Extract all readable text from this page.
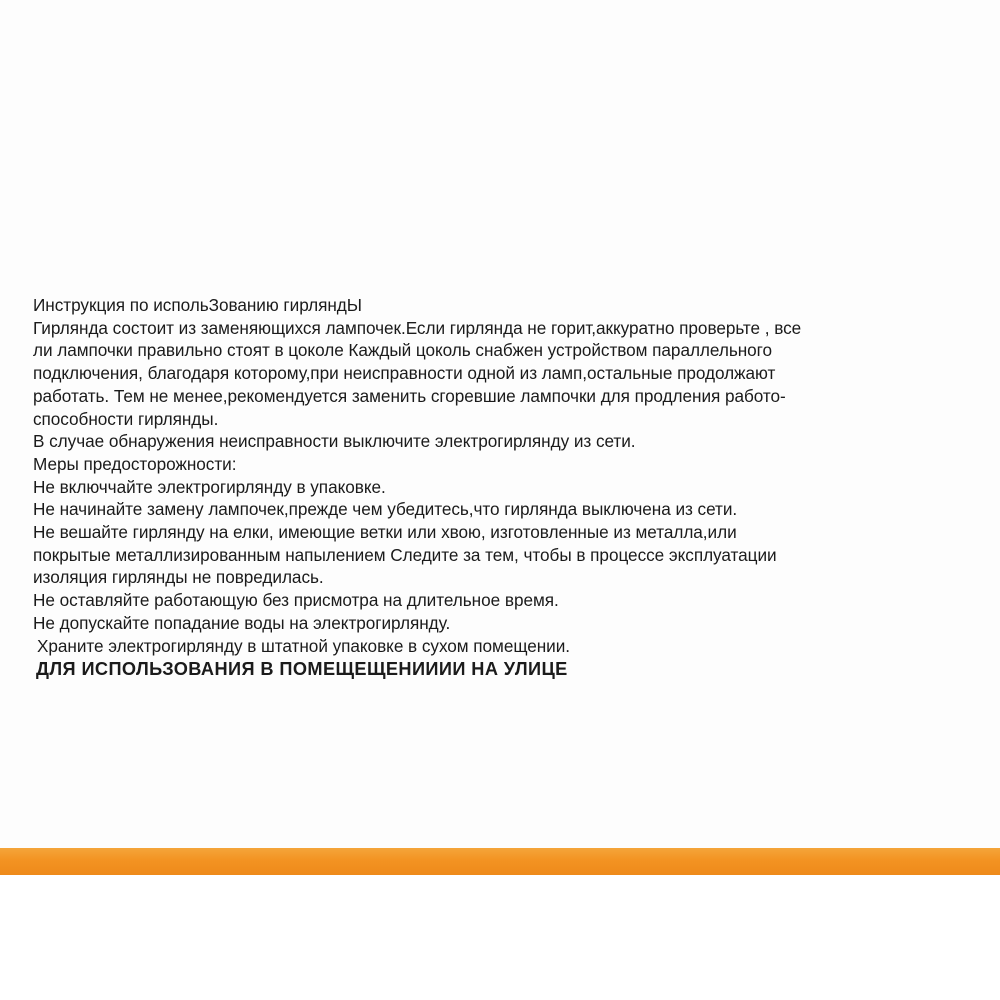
Инструкция по испольЗованию гирляндЫ
Гирлянда состоит из заменяющихся лампочек.Если гирлянда не горит,аккуратно проверьте , все
ли лампочки правильно стоят в цоколе Каждый цоколь снабжен устройством параллельного
подключения, благодаря которому,при неисправности одной из ламп,остальные продолжают
работать. Тем не менее,рекомендуется заменить сгоревшие лампочки для продления работо-
способности гирлянды.
В случае обнаружения неисправности выключите электрогирлянду из сети.
Меры предосторожности:
Не включчайте электрогирлянду в упаковке.
Не начинайте замену лампочек,прежде чем убедитесь,что гирлянда выключена из сети.
Не вешайте гирлянду на елки, имеющие ветки или хвою, изготовленные из металла,или
покрытые металлизированным напылением Следите за тем, чтобы в процессе эксплуатации
изоляция гирлянды не повредилась.
Не оставляйте работающую без присмотра на длительное время.
Не допускайте попадание воды на электрогирлянду.
Храните электрогирлянду в штатной упаковке в сухом помещении.
ДЛЯ ИСПОЛЬЗОВАНИЯ В ПОМЕЩЕЩЕНИИИИ НА УЛИЦЕ
